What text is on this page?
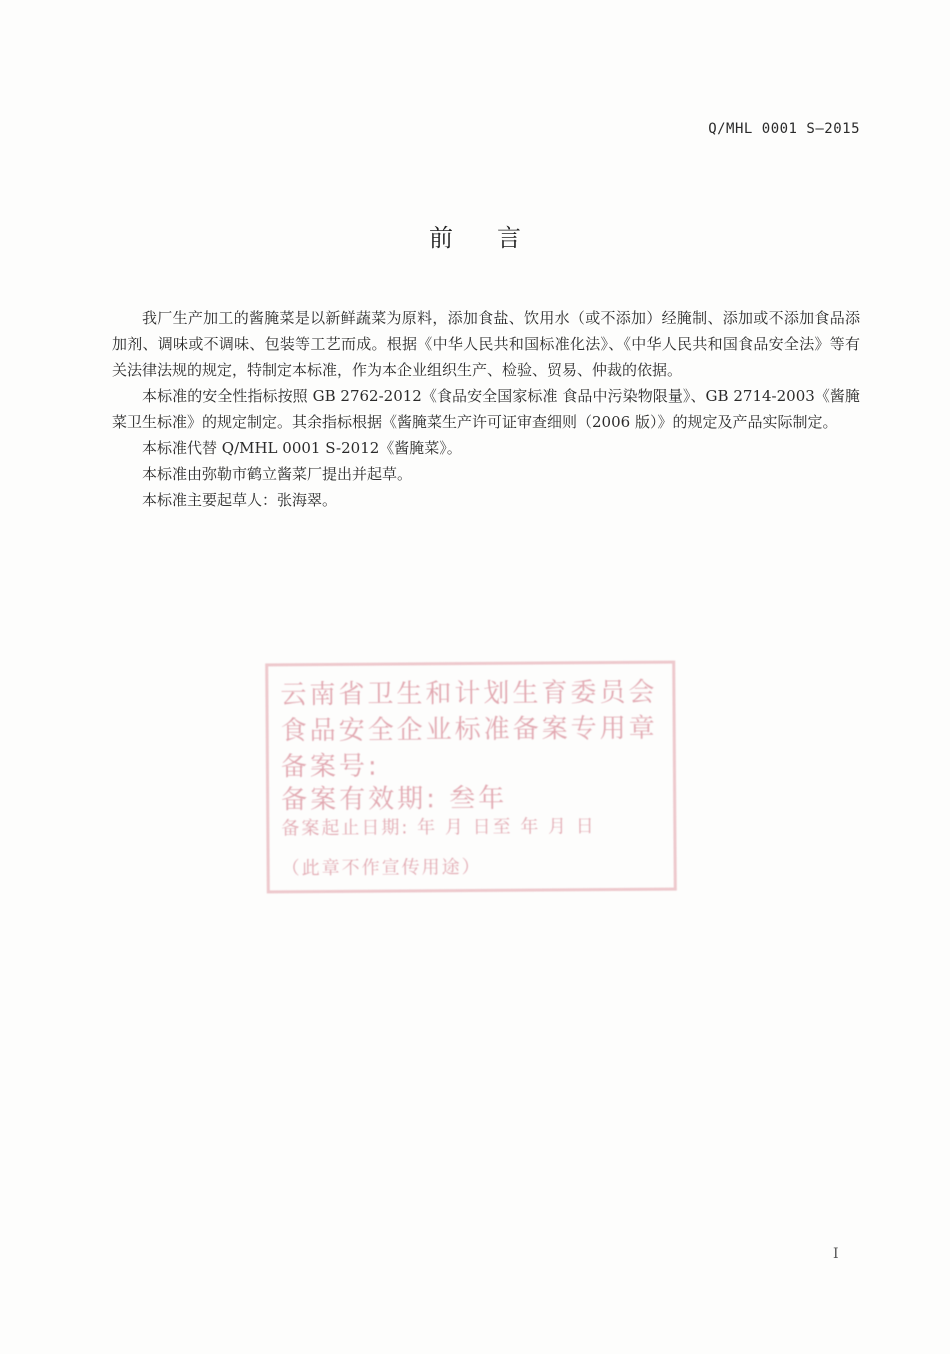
Q/MHL 0001 S—2015
前言

我厂生产加工的酱腌菜是以新鲜蔬菜为原料，添加食盐、饮用水（或不添加）经腌制、添加或不添加食品添加剂、调味或不调味、包装等工艺而成。根据《中华人民共和国标准化法》、《中华人民共和国食品安全法》等有关法律法规的规定，特制定本标准，作为本企业组织生产、检验、贸易、仲裁的依据。

本标准的安全性指标按照 GB 2762-2012《食品安全国家标准 食品中污染物限量》、GB 2714-2003《酱腌菜卫生标准》的规定制定。其余指标根据《酱腌菜生产许可证审查细则（2006 版）》的规定及产品实际制定。

本标准代替 Q/MHL 0001 S-2012《酱腌菜》。

本标准由弥勒市鹤立酱菜厂提出并起草。

本标准主要起草人：张海翠。

云南省卫生和计划生育委员会
食品安全企业标准备案专用章
备案号:
备案有效期: 叁年
备案起止日期: 年 月 日至 年 月 日
（此章不作宣传用途）
I
